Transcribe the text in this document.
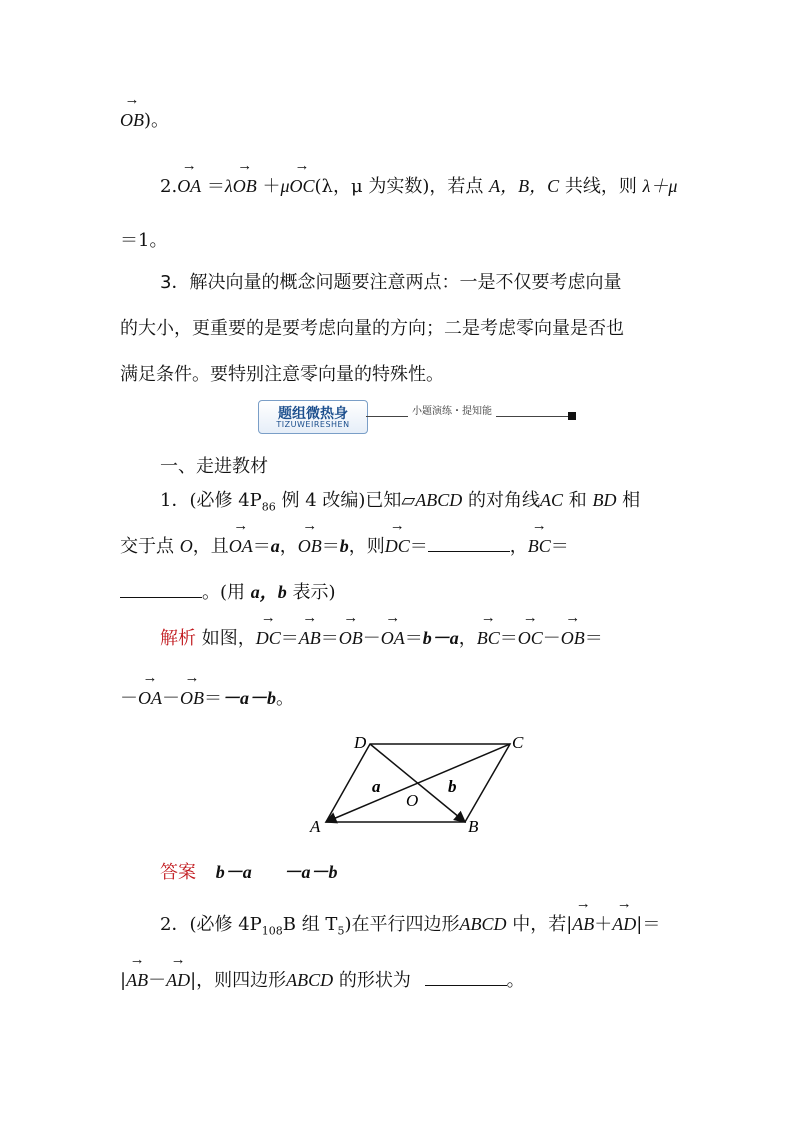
→ OB)。
2.→ OA ＝λ→ OB ＋μ→ OC(λ，μ 为实数)，若点 A，B，C 共线，则 λ＋μ
＝1。
3．解决向量的概念问题要注意两点：一是不仅要考虑向量
的大小，更重要的是要考虑向量的方向；二是考虑零向量是否也
满足条件。要特别注意零向量的特殊性。
题组微热身
TIZUWEIRESHEN
小题演练・提知能
一、走进教材
1．(必修 $4P_{86}$ 例 4 改编)已知▱ABCD 的对角线AC 和 BD 相
交于点 O，且→ OA＝a，→ OB＝b，则→ DC＝	，→ BC＝
。(用 a，b 表示)
解析 如图，→ DC＝→ AB＝→ OB－→ OA＝b－a，→ BC＝→ OC－→ OB＝
－→ OA－→ OB＝－a－b。
D	C
A	B
O
a	b
答案 b－a －a－b
2．(必修 $4P_{108}B$ 组 $T_5$)在平行四边形ABCD 中，若|→ AB＋→ AD|＝
|→ AB－→ AD|，则四边形ABCD 的形状为	。
